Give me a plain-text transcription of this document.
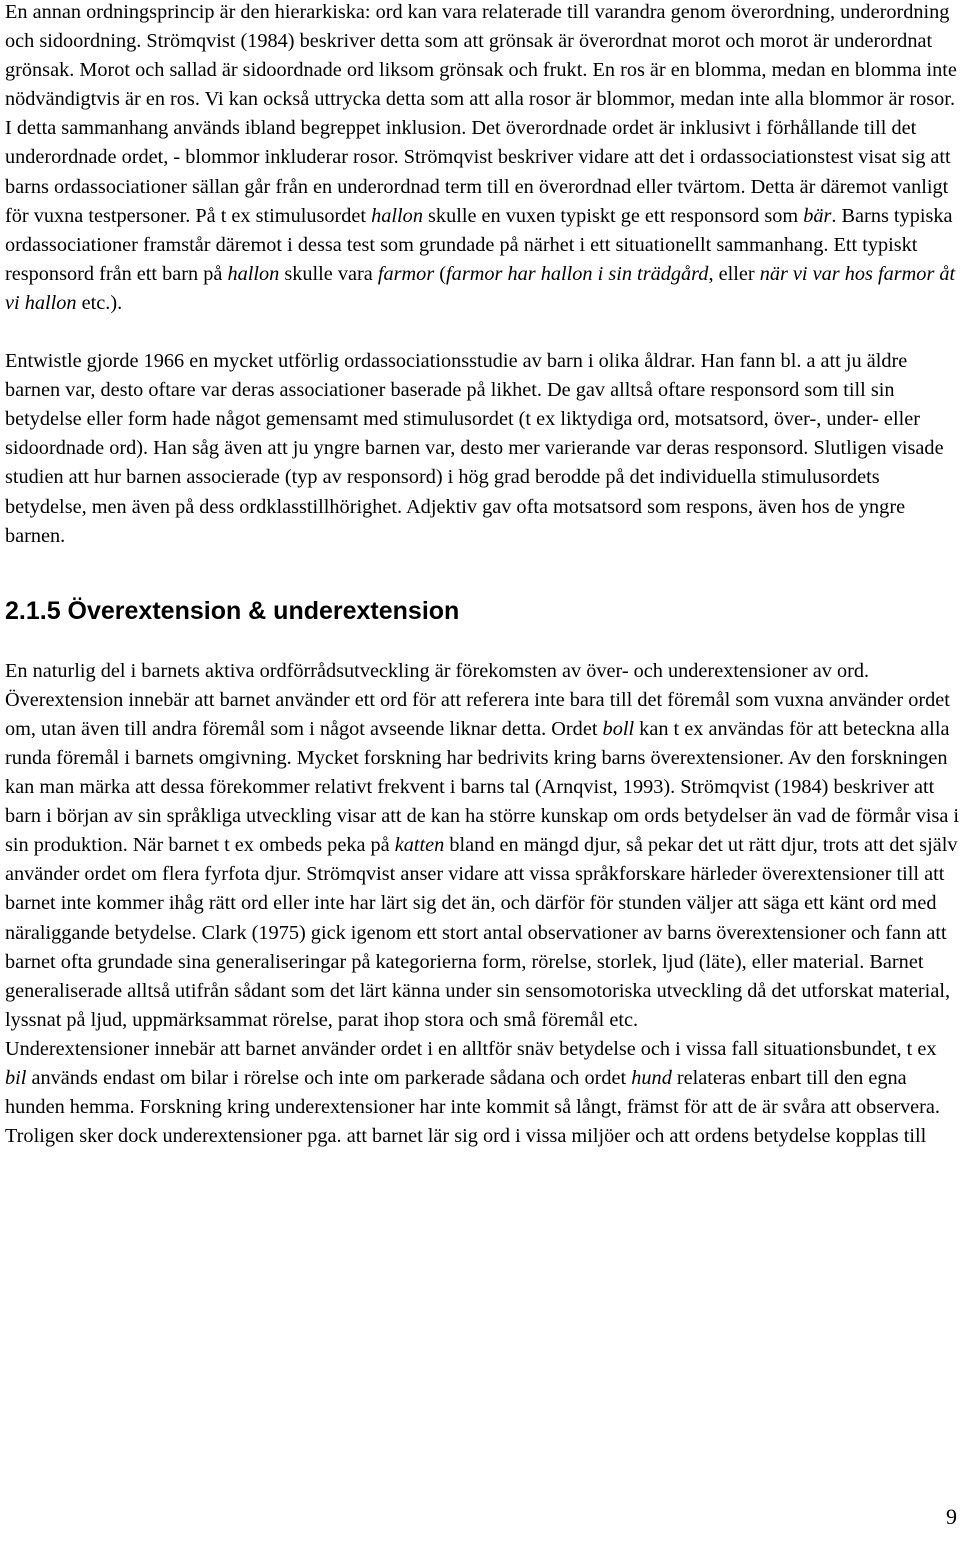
En annan ordningsprincip är den hierarkiska: ord kan vara relaterade till varandra genom överordning, underordning och sidoordning. Strömqvist (1984) beskriver detta som att grönsak är överordnat morot och morot är underordnat grönsak. Morot och sallad är sidoordnade ord liksom grönsak och frukt. En ros är en blomma, medan en blomma inte nödvändigtvis är en ros. Vi kan också uttrycka detta som att alla rosor är blommor, medan inte alla blommor är rosor. I detta sammanhang används ibland begreppet inklusion. Det överordnade ordet är inklusivt i förhållande till det underordnade ordet, - blommor inkluderar rosor. Strömqvist beskriver vidare att det i ordassociationstest visat sig att barns ordassociationer sällan går från en underordnad term till en överordnad eller tvärtom. Detta är däremot vanligt för vuxna testpersoner. På t ex stimulusordet hallon skulle en vuxen typiskt ge ett responsord som bär. Barns typiska ordassociationer framstår däremot i dessa test som grundade på närhet i ett situationellt sammanhang. Ett typiskt responsord från ett barn på hallon skulle vara farmor (farmor har hallon i sin trädgård, eller när vi var hos farmor åt vi hallon etc.).

Entwistle gjorde 1966 en mycket utförlig ordassociationsstudie av barn i olika åldrar. Han fann bl. a att ju äldre barnen var, desto oftare var deras associationer baserade på likhet. De gav alltså oftare responsord som till sin betydelse eller form hade något gemensamt med stimulusordet (t ex liktydiga ord, motsatsord, över-, under- eller sidoordnade ord). Han såg även att ju yngre barnen var, desto mer varierande var deras responsord. Slutligen visade studien att hur barnen associerade (typ av responsord) i hög grad berodde på det individuella stimulusordets betydelse, men även på dess ordklasstillhörighet. Adjektiv gav ofta motsatsord som respons, även hos de yngre barnen.

2.1.5 Överextension & underextension

En naturlig del i barnets aktiva ordförrådsutveckling är förekomsten av över- och underextensioner av ord. Överextension innebär att barnet använder ett ord för att referera inte bara till det föremål som vuxna använder ordet om, utan även till andra föremål som i något avseende liknar detta. Ordet boll kan t ex användas för att beteckna alla runda föremål i barnets omgivning. Mycket forskning har bedrivits kring barns överextensioner. Av den forskningen kan man märka att dessa förekommer relativt frekvent i barns tal (Arnqvist, 1993). Strömqvist (1984) beskriver att barn i början av sin språkliga utveckling visar att de kan ha större kunskap om ords betydelser än vad de förmår visa i sin produktion. När barnet t ex ombeds peka på katten bland en mängd djur, så pekar det ut rätt djur, trots att det själv använder ordet om flera fyrfota djur. Strömqvist anser vidare att vissa språkforskare härleder överextensioner till att barnet inte kommer ihåg rätt ord eller inte har lärt sig det än, och därför för stunden väljer att säga ett känt ord med näraliggande betydelse. Clark (1975) gick igenom ett stort antal observationer av barns överextensioner och fann att barnet ofta grundade sina generaliseringar på kategorierna form, rörelse, storlek, ljud (läte), eller material. Barnet generaliserade alltså utifrån sådant som det lärt känna under sin sensomotoriska utveckling då det utforskat material, lyssnat på ljud, uppmärksammat rörelse, parat ihop stora och små föremål etc.

Underextensioner innebär att barnet använder ordet i en alltför snäv betydelse och i vissa fall situationsbundet, t ex bil används endast om bilar i rörelse och inte om parkerade sådana och ordet hund relateras enbart till den egna hunden hemma. Forskning kring underextensioner har inte kommit så långt, främst för att de är svåra att observera. Troligen sker dock underextensioner pga. att barnet lär sig ord i vissa miljöer och att ordens betydelse kopplas till

9
